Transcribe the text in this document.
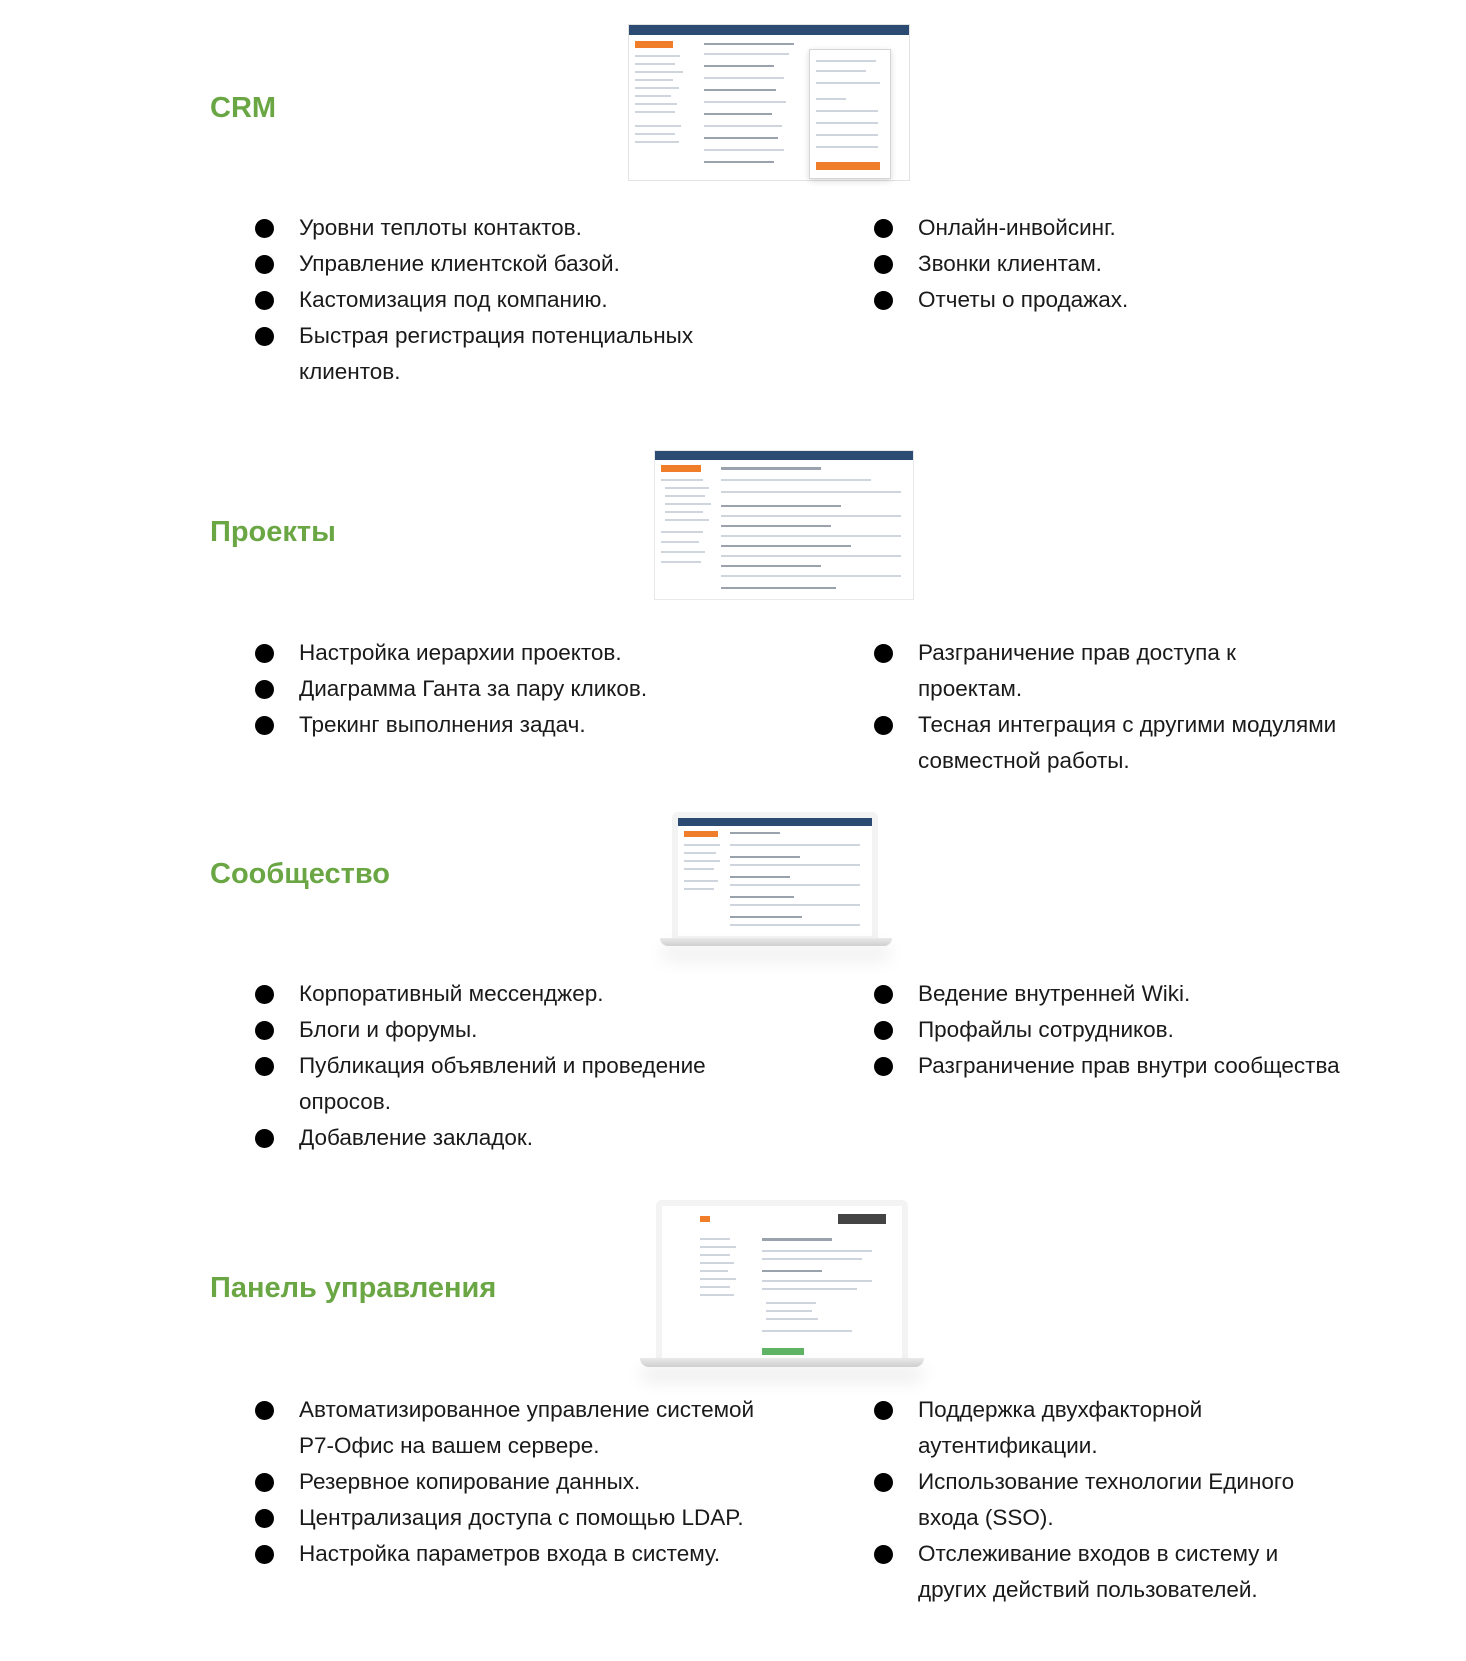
CRM
Уровни теплоты контактов.
Управление клиентской базой.
Кастомизация под компанию.
Быстрая регистрация потенциальных клиентов.
Онлайн-инвойсинг.
Звонки клиентам.
Отчеты о продажах.
Проекты
Настройка иерархии проектов.
Диаграмма Ганта за пару кликов.
Трекинг выполнения задач.
Разграничение прав доступа к проектам.
Тесная интеграция с другими модулями совместной работы.
Сообщество
Корпоративный мессенджер.
Блоги и форумы.
Публикация объявлений и проведение опросов.
Добавление закладок.
Ведение внутренней Wiki.
Профайлы сотрудников.
Разграничение прав внутри сообщества
Панель управления
Автоматизированное управление системой Р7-Офис на вашем сервере.
Резервное копирование данных.
Централизация доступа с помощью LDAP.
Настройка параметров входа в систему.
Поддержка двухфакторной аутентификации.
Использование технологии Единого входа (SSO).
Отслеживание входов в систему и других действий пользователей.
